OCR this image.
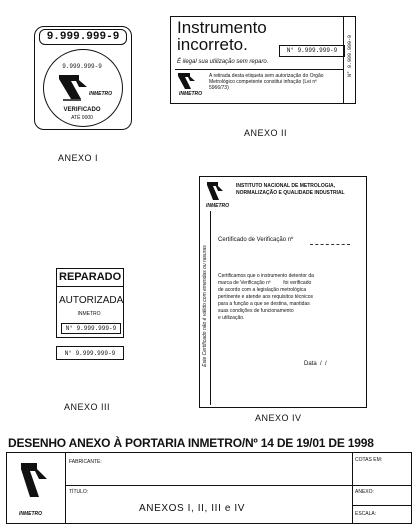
9.999.999-9
9.999.999-9
INMETRO
VERIFICADO
ATÉ 0000
ANEXO I
Instrumento
incorreto.	N° 9.999.999-9
É ilegal sua utilização sem reparo.
INMETRO
A retirada desta etiqueta sem autorização do Órgão Metrológico competente constitui infração (Lei nº 5966/73)
N° 9.999.999-9
ANEXO II
REPARADO
AUTORIZADA
INMETRO
N° 9.999.999-9
N° 9.999.999-9
ANEXO III
INMETRO
INSTITUTO NACIONAL DE METROLOGIA,
NORMALIZAÇÃO E QUALIDADE INDUSTRIAL
Certificado de Verificação nº
Certificamos que o instrumento detentor da
marca de Verificação nº         foi verificado
de acordo com a legislação metrológica
pertinente e atende aos requisitos técnicos
para a função a que se destina, mantidas
suas condições de funcionamento
e utilização.
Data  /  /
Este Certificado não é válido com emendas ou rasuras
ANEXO IV
DESENHO ANEXO À PORTARIA INMETRO/Nº 14 DE 19/01 DE 1998
INMETRO
FABRICANTE:
TÍTULO:
ANEXOS I, II, III e IV
COTAS EM:
ANEXO:
ESCALA:
